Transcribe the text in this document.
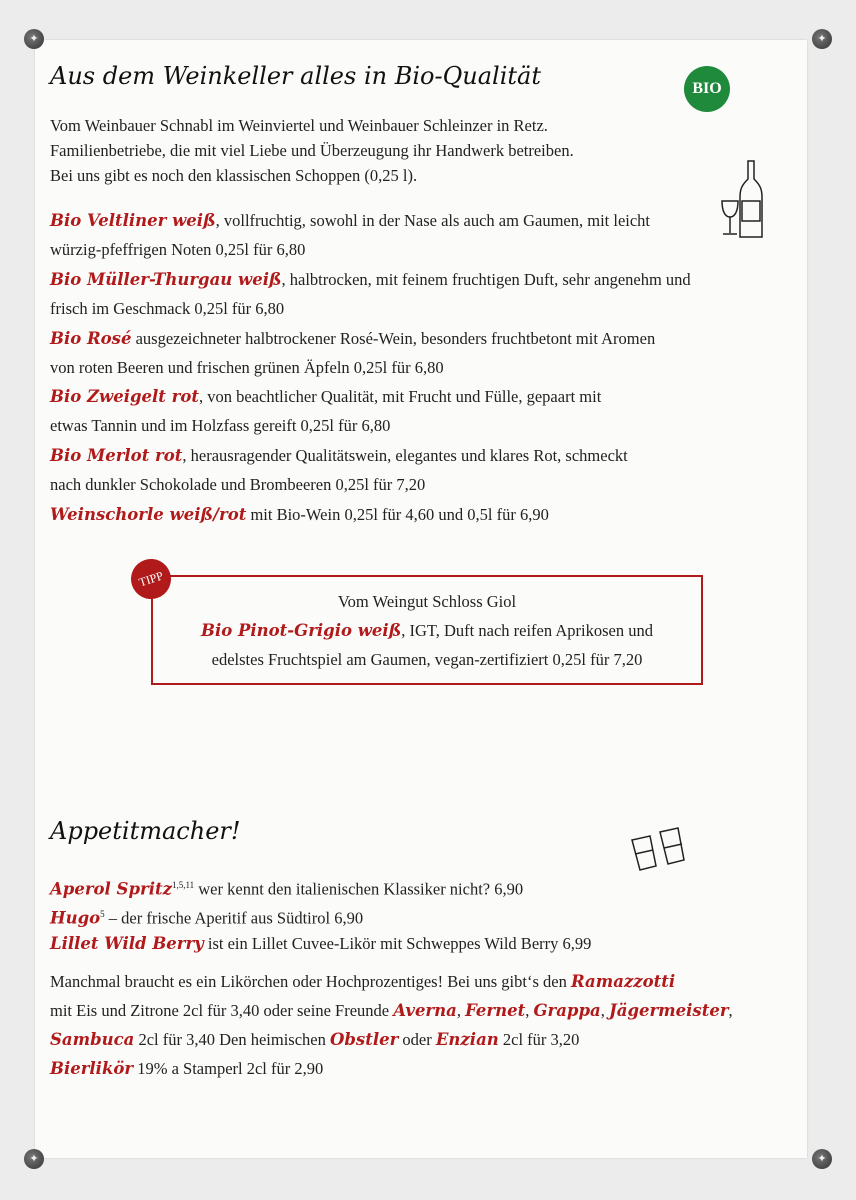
✦	✦
✦	✦
Aus dem Weinkeller alles in Bio-Qualität	BIO
Vom Weinbauer Schnabl im Weinviertel und Weinbauer Schleinzer in Retz.
Familienbetriebe, die mit viel Liebe und Überzeugung ihr Handwerk betreiben.
Bei uns gibt es noch den klassischen Schoppen (0,25 l).
Bio Veltliner weiß, vollfruchtig, sowohl in der Nase als auch am Gaumen, mit leicht
würzig-pfeffrigen Noten 0,25l für 6,80
Bio Müller-Thurgau weiß, halbtrocken, mit feinem fruchtigen Duft, sehr angenehm und
frisch im Geschmack 0,25l für 6,80
Bio Rosé ausgezeichneter halbtrockener Rosé-Wein, besonders fruchtbetont mit Aromen
von roten Beeren und frischen grünen Äpfeln 0,25l für 6,80
Bio Zweigelt rot, von beachtlicher Qualität, mit Frucht und Fülle, gepaart mit
etwas Tannin und im Holzfass gereift 0,25l für 6,80
Bio Merlot rot, herausragender Qualitätswein, elegantes und klares Rot, schmeckt
nach dunkler Schokolade und Brombeeren 0,25l für 7,20
Weinschorle weiß/rot mit Bio-Wein 0,25l für 4,60 und 0,5l für 6,90
Vom Weingut Schloss Giol
Bio Pinot-Grigio weiß, IGT, Duft nach reifen Aprikosen und
edelstes Fruchtspiel am Gaumen, vegan-zertifiziert 0,25l für 7,20
TIPP
Appetitmacher!
Aperol Spritz$^{1,5,11}$ wer kennt den italienischen Klassiker nicht? 6,90
Hugo$^5$ – der frische Aperitif aus Südtirol 6,90
Lillet Wild Berry ist ein Lillet Cuvee-Likör mit Schweppes Wild Berry 6,99
Manchmal braucht es ein Likörchen oder Hochprozentiges! Bei uns gibt‘s den Ramazzotti
mit Eis und Zitrone 2cl für 3,40 oder seine Freunde Averna, Fernet, Grappa, Jägermeister,
Sambuca 2cl für 3,40 Den heimischen Obstler oder Enzian 2cl für 3,20
Bierlikör 19% a Stamperl 2cl für 2,90
